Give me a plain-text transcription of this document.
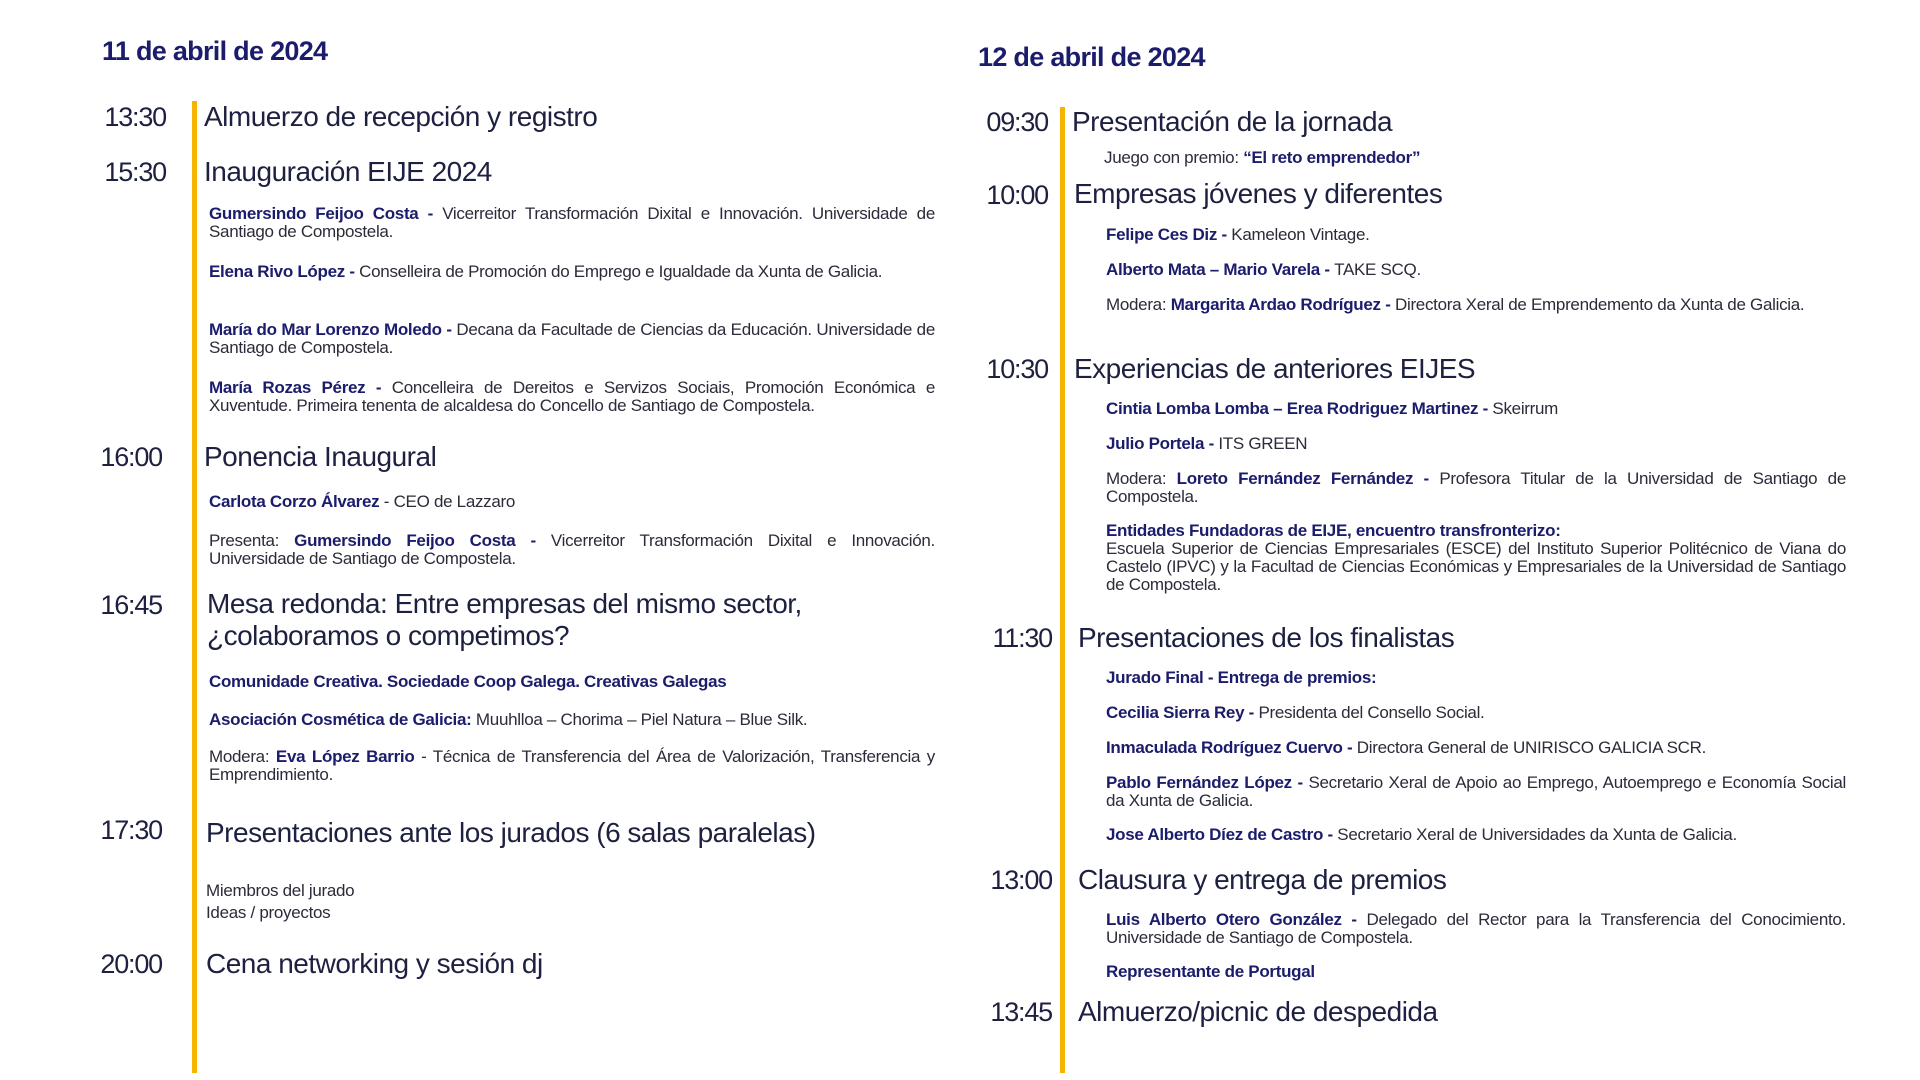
11 de abril de 2024
13:30 Almuerzo de recepción y registro
15:30 Inauguración EIJE 2024
Gumersindo Feijoo Costa - Vicerreitor Transformación Dixital e Innovación. Universidade de Santiago de Compostela.
Elena Rivo López - Conselleira de Promoción do Emprego e Igualdade da Xunta de Galicia.
María do Mar Lorenzo Moledo - Decana da Facultade de Ciencias da Educación. Universidade de Santiago de Compostela.
María Rozas Pérez - Concelleira de Dereitos e Servizos Sociais, Promoción Económica e Xuventude. Primeira tenenta de alcaldesa do Concello de Santiago de Compostela.
16:00 Ponencia Inaugural
Carlota Corzo Álvarez - CEO de Lazzaro
Presenta: Gumersindo Feijoo Costa - Vicerreitor Transformación Dixital e Innovación. Universidade de Santiago de Compostela.
16:45 Mesa redonda: Entre empresas del mismo sector, ¿colaboramos o competimos?
Comunidade Creativa. Sociedade Coop Galega. Creativas Galegas
Asociación Cosmética de Galicia: Muuhlloa – Chorima – Piel Natura – Blue Silk.
Modera: Eva López Barrio - Técnica de Transferencia del Área de Valorización, Transferencia y Emprendimiento.
17:30 Presentaciones ante los jurados (6 salas paralelas)
Miembros del jurado
Ideas / proyectos
20:00 Cena networking y sesión dj
12 de abril de 2024
09:30 Presentación de la jornada
Juego con premio: “El reto emprendedor”
10:00 Empresas jóvenes y diferentes
Felipe Ces Diz - Kameleon Vintage.
Alberto Mata – Mario Varela - TAKE SCQ.
Modera: Margarita Ardao Rodríguez - Directora Xeral de Emprendemento da Xunta de Galicia.
10:30 Experiencias de anteriores EIJES
Cintia Lomba Lomba – Erea Rodriguez Martinez - Skeirrum
Julio Portela - ITS GREEN
Modera: Loreto Fernández Fernández - Profesora Titular de la Universidad de Santiago de Compostela.
Entidades Fundadoras de EIJE, encuentro transfronterizo:
Escuela Superior de Ciencias Empresariales (ESCE) del Instituto Superior Politécnico de Viana do Castelo (IPVC) y la Facultad de Ciencias Económicas y Empresariales de la Universidad de Santiago de Compostela.
11:30 Presentaciones de los finalistas
Jurado Final - Entrega de premios:
Cecilia Sierra Rey - Presidenta del Consello Social.
Inmaculada Rodríguez Cuervo - Directora General de UNIRISCO GALICIA SCR.
Pablo Fernández López - Secretario Xeral de Apoio ao Emprego, Autoemprego e Economía Social da Xunta de Galicia.
Jose Alberto Díez de Castro - Secretario Xeral de Universidades da Xunta de Galicia.
13:00 Clausura y entrega de premios
Luis Alberto Otero González - Delegado del Rector para la Transferencia del Conocimiento. Universidade de Santiago de Compostela.
Representante de Portugal
13:45 Almuerzo/picnic de despedida
